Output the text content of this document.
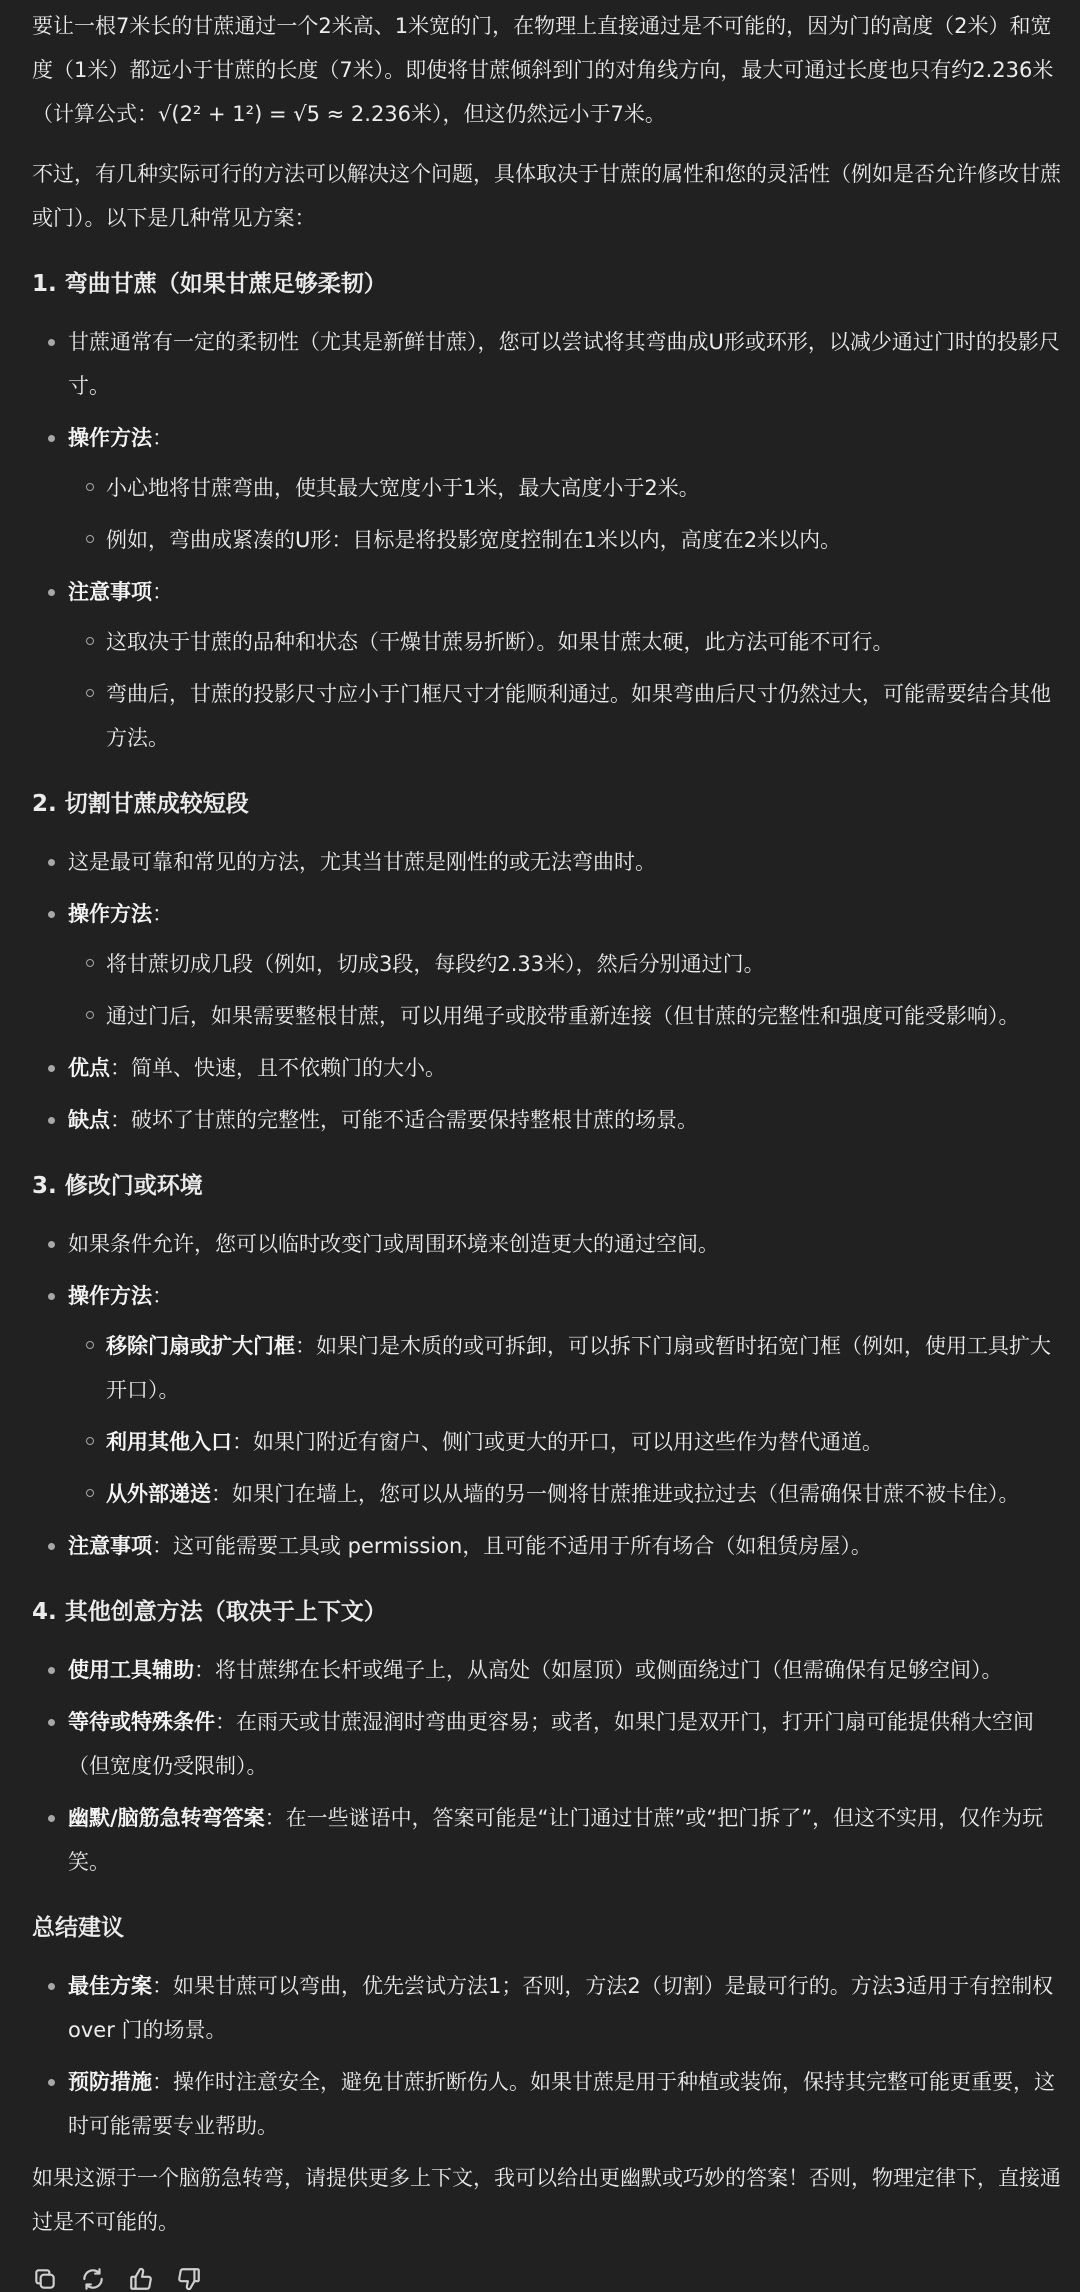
要让一根7米长的甘蔗通过一个2米高、1米宽的门，在物理上直接通过是不可能的，因为门的高度（2米）和宽度（1米）都远小于甘蔗的长度（7米）。即使将甘蔗倾斜到门的对角线方向，最大可通过长度也只有约2.236米（计算公式：√(2² + 1²) = √5 ≈ 2.236米），但这仍然远小于7米。

不过，有几种实际可行的方法可以解决这个问题，具体取决于甘蔗的属性和您的灵活性（例如是否允许修改甘蔗或门）。以下是几种常见方案：

1. 弯曲甘蔗（如果甘蔗足够柔韧）
甘蔗通常有一定的柔韧性（尤其是新鲜甘蔗），您可以尝试将其弯曲成U形或环形，以减少通过门时的投影尺寸。
操作方法：
小心地将甘蔗弯曲，使其最大宽度小于1米，最大高度小于2米。
例如，弯曲成紧凑的U形：目标是将投影宽度控制在1米以内，高度在2米以内。
注意事项：
这取决于甘蔗的品种和状态（干燥甘蔗易折断）。如果甘蔗太硬，此方法可能不可行。
弯曲后，甘蔗的投影尺寸应小于门框尺寸才能顺利通过。如果弯曲后尺寸仍然过大，可能需要结合其他方法。
2. 切割甘蔗成较短段
这是最可靠和常见的方法，尤其当甘蔗是刚性的或无法弯曲时。
操作方法：
将甘蔗切成几段（例如，切成3段，每段约2.33米），然后分别通过门。
通过门后，如果需要整根甘蔗，可以用绳子或胶带重新连接（但甘蔗的完整性和强度可能受影响）。
优点：简单、快速，且不依赖门的大小。
缺点：破坏了甘蔗的完整性，可能不适合需要保持整根甘蔗的场景。
3. 修改门或环境
如果条件允许，您可以临时改变门或周围环境来创造更大的通过空间。
操作方法：
移除门扇或扩大门框：如果门是木质的或可拆卸，可以拆下门扇或暂时拓宽门框（例如，使用工具扩大开口）。
利用其他入口：如果门附近有窗户、侧门或更大的开口，可以用这些作为替代通道。
从外部递送：如果门在墙上，您可以从墙的另一侧将甘蔗推进或拉过去（但需确保甘蔗不被卡住）。
注意事项：这可能需要工具或 permission，且可能不适用于所有场合（如租赁房屋）。
4. 其他创意方法（取决于上下文）
使用工具辅助：将甘蔗绑在长杆或绳子上，从高处（如屋顶）或侧面绕过门（但需确保有足够空间）。
等待或特殊条件：在雨天或甘蔗湿润时弯曲更容易；或者，如果门是双开门，打开门扇可能提供稍大空间（但宽度仍受限制）。
幽默/脑筋急转弯答案：在一些谜语中，答案可能是“让门通过甘蔗”或“把门拆了”，但这不实用，仅作为玩笑。
总结建议
最佳方案：如果甘蔗可以弯曲，优先尝试方法1；否则，方法2（切割）是最可行的。方法3适用于有控制权 over 门的场景。
预防措施：操作时注意安全，避免甘蔗折断伤人。如果甘蔗是用于种植或装饰，保持其完整可能更重要，这时可能需要专业帮助。

如果这源于一个脑筋急转弯，请提供更多上下文，我可以给出更幽默或巧妙的答案！否则，物理定律下，直接通过是不可能的。
